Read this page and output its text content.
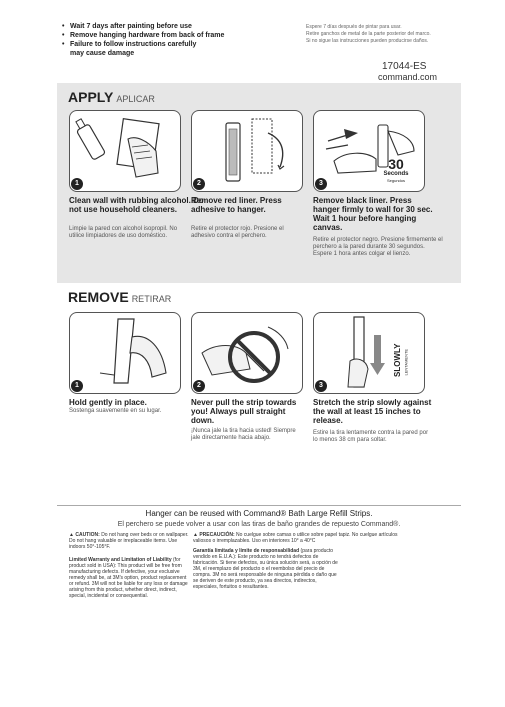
• Wait 7 days after painting before use
• Remove hanging hardware from back of frame
• Failure to follow instructions carefully may cause damage
Espere 7 días después de pintar para usar.
Retire ganchos de metal de la parte posterior del marco.
Si no sigue las instrucciones pueden producirse daños.
17044-ES
command.com
APPLY APLICAR
1
Clean wall with rubbing alcohol. Do not use household cleaners.
Limpie la pared con alcohol isopropil. No utilice limpiadores de uso doméstico.
2
Remove red liner. Press adhesive to hanger.
Retire el protector rojo. Presione el adhesivo contra el perchero.
30
Seconds
Segundos
3
Remove black liner. Press hanger firmly to wall for 30 sec. Wait 1 hour before hanging canvas.
Retire el protector negro. Presione firmemente el perchero a la pared durante 30 segundos. Espere 1 hora antes colgar el lienzo.
REMOVE RETIRAR
1
Hold gently in place.
Sostenga suavemente en su lugar.
2
Never pull the strip towards you! Always pull straight down.
¡Nunca jale la tira hacia usted! Siempre jale directamente hacia abajo.
SLOWLY LENTAMENTE
3
Stretch the strip slowly against the wall at least 15 inches to release.
Estire la tira lentamente contra la pared por lo menos 38 cm para soltar.
Hanger can be reused with Command® Bath Large Refill Strips.
El perchero se puede volver a usar con las tiras de baño grandes de repuesto Command®.
▲ CAUTION: Do not hang over beds or on wallpaper. Do not hang valuable or irreplaceable items. Use indoors 50°-105°F.
Limited Warranty and Limitation of Liability (for product sold in USA): This product will be free from manufacturing defects. If defective, your exclusive remedy shall be, at 3M's option, product replacement or refund. 3M will not be liable for any loss or damage arising from this product, whether direct, indirect, special, incidental or consequential.
▲ PRECAUCIÓN: No cuelgue sobre camas o utilice sobre papel tapiz. No cuelgue artículos valiosos o irremplazables. Uso en interiores 10° a 40°C
Garantía limitada y límite de responsabilidad (para producto vendido en E.U.A.): Este producto no tendrá defectos de fabricación. Si tiene defectos, su única solución será, a opción de 3M, el reemplazo del producto o el reembolso del precio de compra. 3M no será responsable de ninguna pérdida o daño que se deriven de este producto, ya sea directos, indirectos, especiales, fortuitos o resultantes.
